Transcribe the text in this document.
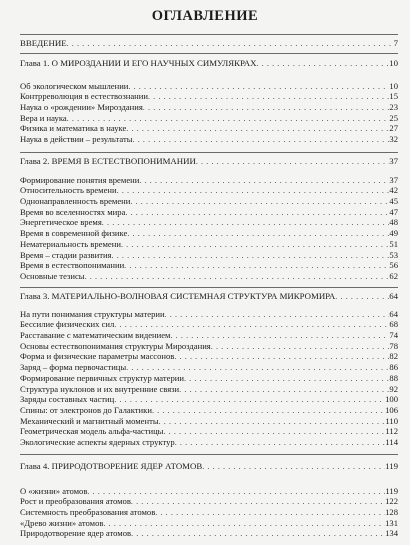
ОГЛАВЛЕНИЕ
ВВЕДЕНИЕ . . .	7
Глава 1. О МИРОЗДАНИИ И ЕГО НАУЧНЫХ СИМУЛЯКРАХ . . .	10
Об экологическом мышлении . . .	10
Контрреволюция в естествознании . . .	15
Наука о «рождении» Мироздания . . .	23
Вера и наука . . .	25
Физика и математика в науке . . .	27
Наука в действии – результаты . . .	32
Глава 2. ВРЕМЯ В ЕСТЕСТВОПОНИМАНИИ . . .	37
Формирование понятия времени . . .	37
Относительность времени . . .	42
Однонаправленность времени . . .	45
Время во вселенностях мира . . .	47
Энергетическое время . . .	48
Время в современной физике . . .	49
Нематериальность времени . . .	51
Время – стадии развития . . .	53
Время в естествопонимании . . .	56
Основные тезисы . . .	62
Глава 3. МАТЕРИАЛЬНО-ВОЛНОВАЯ СИСТЕМНАЯ СТРУКТУРА МИКРОМИРА . . .	64
На пути понимания структуры материи . . .	64
Бессилие физических сил . . .	68
Расставание с математическим видением . . .	74
Основы естествопонимания структуры Мироздания . . .	78
Форма и физические параметры массонов . . .	82
Заряд – форма первочастицы . . .	86
Формирование первичных структур материи . . .	88
Структура нуклонов и их внутренние связи . . .	92
Заряды составных частиц . . .	100
Спины: от электронов до Галактики . . .	106
Механический и магнитный моменты . . .	110
Геометрическая модель альфа-частицы . . .	112
Экологические аспекты ядерных структур . . .	114
Глава 4. ПРИРОДОТВОРЕНИЕ ЯДЕР АТОМОВ . . .	119
О «жизни» атомов . . .	119
Рост и преобразования атомов . . .	122
Системность преобразования атомов . . .	128
«Древо жизни» атомов . . .	131
Природотворение ядер атомов . . .	134
